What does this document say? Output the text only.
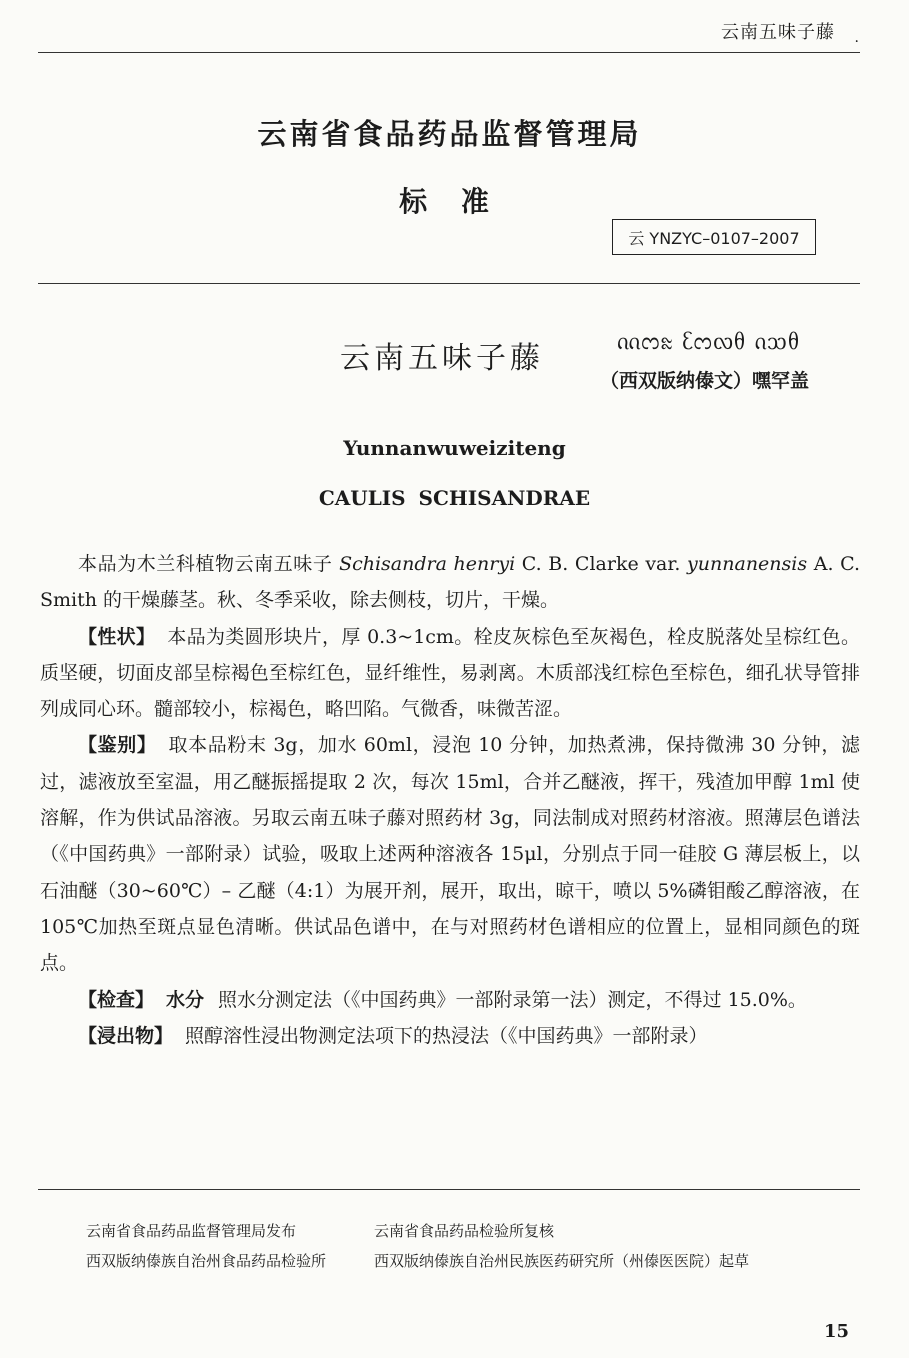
云南五味子藤 .
云南省食品药品监督管理局
标 准
云 YNZYC–0107–2007
云南五味子藤	ᦶᦂᦰ ᦷᦂᦟᦲ ᦵᦉᦲ
（西双版纳傣文）嘿罕盖
Yunnanwuweiziteng
CAULIS SCHISANDRAE

本品为木兰科植物云南五味子 Schisandra henryi C. B. Clarke var. yunnanensis A. C. Smith 的干燥藤茎。秋、冬季采收，除去侧枝，切片，干燥。

【性状】 本品为类圆形块片，厚 0.3~1cm。栓皮灰棕色至灰褐色，栓皮脱落处呈棕红色。质坚硬，切面皮部呈棕褐色至棕红色，显纤维性，易剥离。木质部浅红棕色至棕色，细孔状导管排列成同心环。髓部较小，棕褐色，略凹陷。气微香，味微苦涩。

【鉴别】 取本品粉末 3g，加水 60ml，浸泡 10 分钟，加热煮沸，保持微沸 30 分钟，滤过，滤液放至室温，用乙醚振摇提取 2 次，每次 15ml，合并乙醚液，挥干，残渣加甲醇 1ml 使溶解，作为供试品溶液。另取云南五味子藤对照药材 3g，同法制成对照药材溶液。照薄层色谱法（《中国药典》一部附录）试验，吸取上述两种溶液各 15μl，分别点于同一硅胶 G 薄层板上，以石油醚（30~60℃）– 乙醚（4:1）为展开剂，展开，取出，晾干，喷以 5%磷钼酸乙醇溶液，在 105℃加热至斑点显色清晰。供试品色谱中，在与对照药材色谱相应的位置上，显相同颜色的斑点。

【检查】 水分 照水分测定法（《中国药典》一部附录第一法）测定，不得过 15.0%。

【浸出物】 照醇溶性浸出物测定法项下的热浸法（《中国药典》一部附录）

云南省食品药品监督管理局发布	云南省食品药品检验所复核
西双版纳傣族自治州食品药品检验所	西双版纳傣族自治州民族医药研究所（州傣医医院）起草
15
